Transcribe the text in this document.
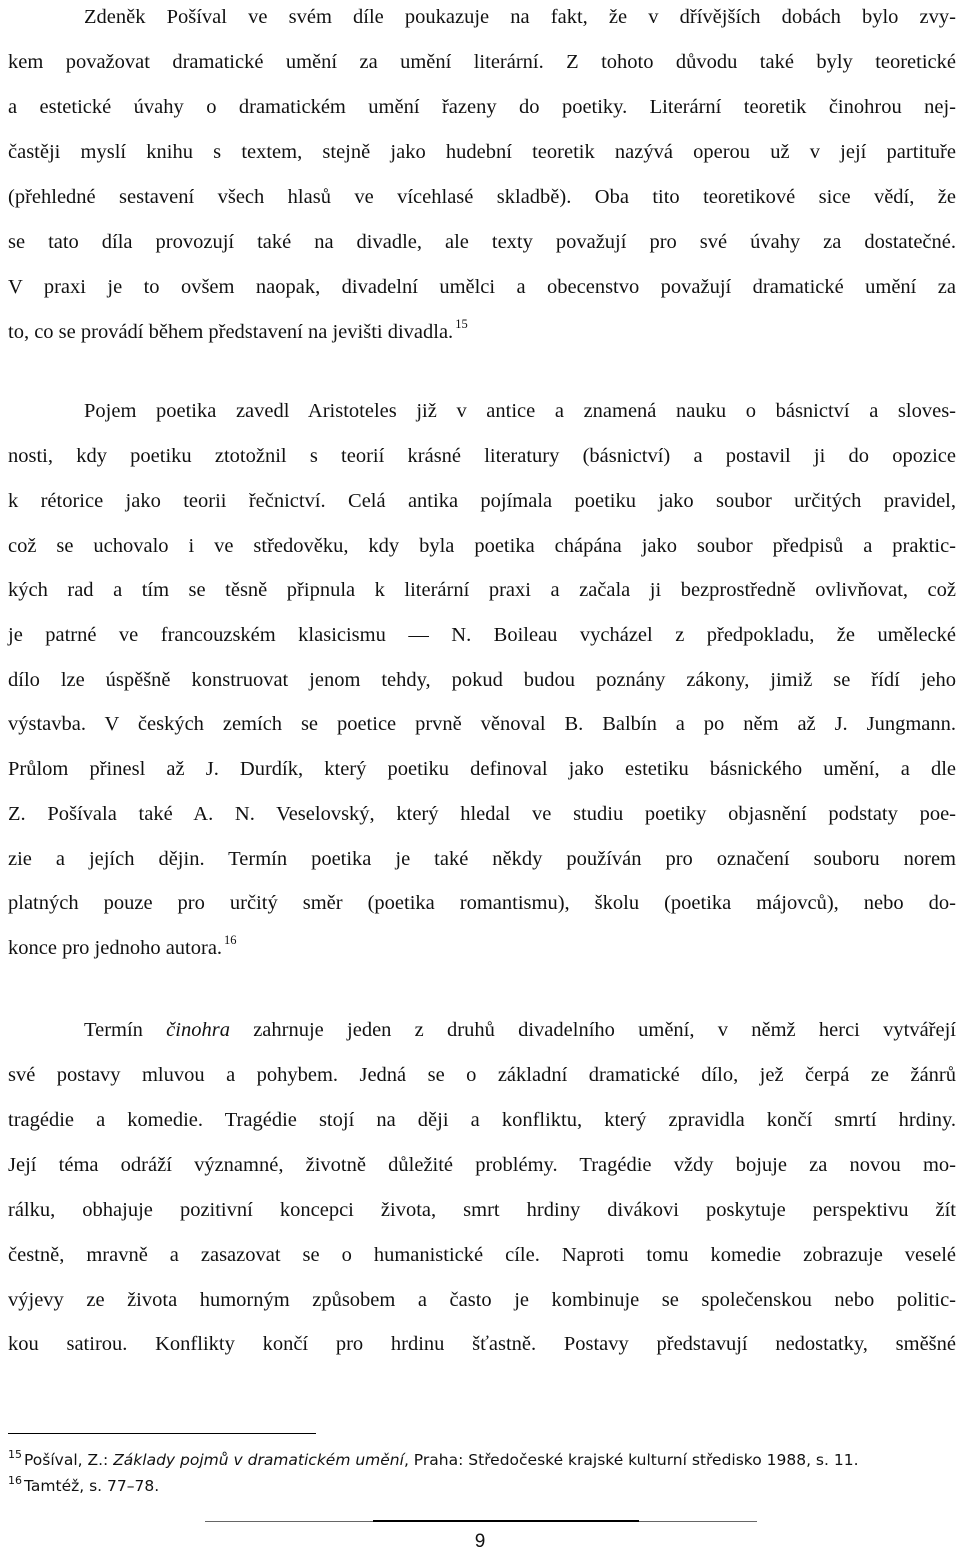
Zdeněk Pošíval ve svém díle poukazuje na fakt, že v dřívějších dobách bylo zvy-
kem považovat dramatické umění za umění literární. Z tohoto důvodu také byly teoretické
a estetické úvahy o dramatickém umění řazeny do poetiky. Literární teoretik činohrou nej-
častěji myslí knihu s textem, stejně jako hudební teoretik nazývá operou už v její partituře
(přehledné sestavení všech hlasů ve vícehlasé skladbě). Oba tito teoretikové sice vědí, že
se tato díla provozují také na divadle, ale texty považují pro své úvahy za dostatečné.
V praxi je to ovšem naopak, divadelní umělci a obecenstvo považují dramatické umění za
to, co se provádí během představení na jevišti divadla. $^{15}$
Pojem poetika zavedl Aristoteles již v antice a znamená nauku o básnictví a sloves-
nosti, kdy poetiku ztotožnil s teorií krásné literatury (básnictví) a postavil ji do opozice
k rétorice jako teorii řečnictví. Celá antika pojímala poetiku jako soubor určitých pravidel,
což se uchovalo i ve středověku, kdy byla poetika chápána jako soubor předpisů a praktic-
kých rad a tím se těsně připnula k literární praxi a začala ji bezprostředně ovlivňovat, což
je patrné ve francouzském klasicismu ― N. Boileau vycházel z předpokladu, že umělecké
dílo lze úspěšně konstruovat jenom tehdy, pokud budou poznány zákony, jimiž se řídí jeho
výstavba. V českých zemích se poetice prvně věnoval B. Balbín a po něm až J. Jungmann.
Průlom přinesl až J. Durdík, který poetiku definoval jako estetiku básnického umění, a dle
Z. Pošívala také A. N. Veselovský, který hledal ve studiu poetiky objasnění podstaty poe-
zie a jejích dějin. Termín poetika je také někdy používán pro označení souboru norem
platných pouze pro určitý směr (poetika romantismu), školu (poetika májovců), nebo do-
konce pro jednoho autora. $^{16}$
Termín činohra zahrnuje jeden z druhů divadelního umění, v němž herci vytvářejí
své postavy mluvou a pohybem. Jedná se o základní dramatické dílo, jež čerpá ze žánrů
tragédie a komedie. Tragédie stojí na ději a konfliktu, který zpravidla končí smrtí hrdiny.
Její téma odráží významné, životně důležité problémy. Tragédie vždy bojuje za novou mo-
rálku, obhajuje pozitivní koncepci života, smrt hrdiny divákovi poskytuje perspektivu žít
čestně, mravně a zasazovat se o humanistické cíle. Naproti tomu komedie zobrazuje veselé
výjevy ze života humorným způsobem a často je kombinuje se společenskou nebo politic-
kou satirou. Konflikty končí pro hrdinu šťastně. Postavy představují nedostatky, směšné
$^{15}$ Pošíval, Z.: Základy pojmů v dramatickém umění, Praha: Středočeské krajské kulturní středisko 1988, s. 11.
$^{16}$ Tamtéž, s. 77–78.
9
